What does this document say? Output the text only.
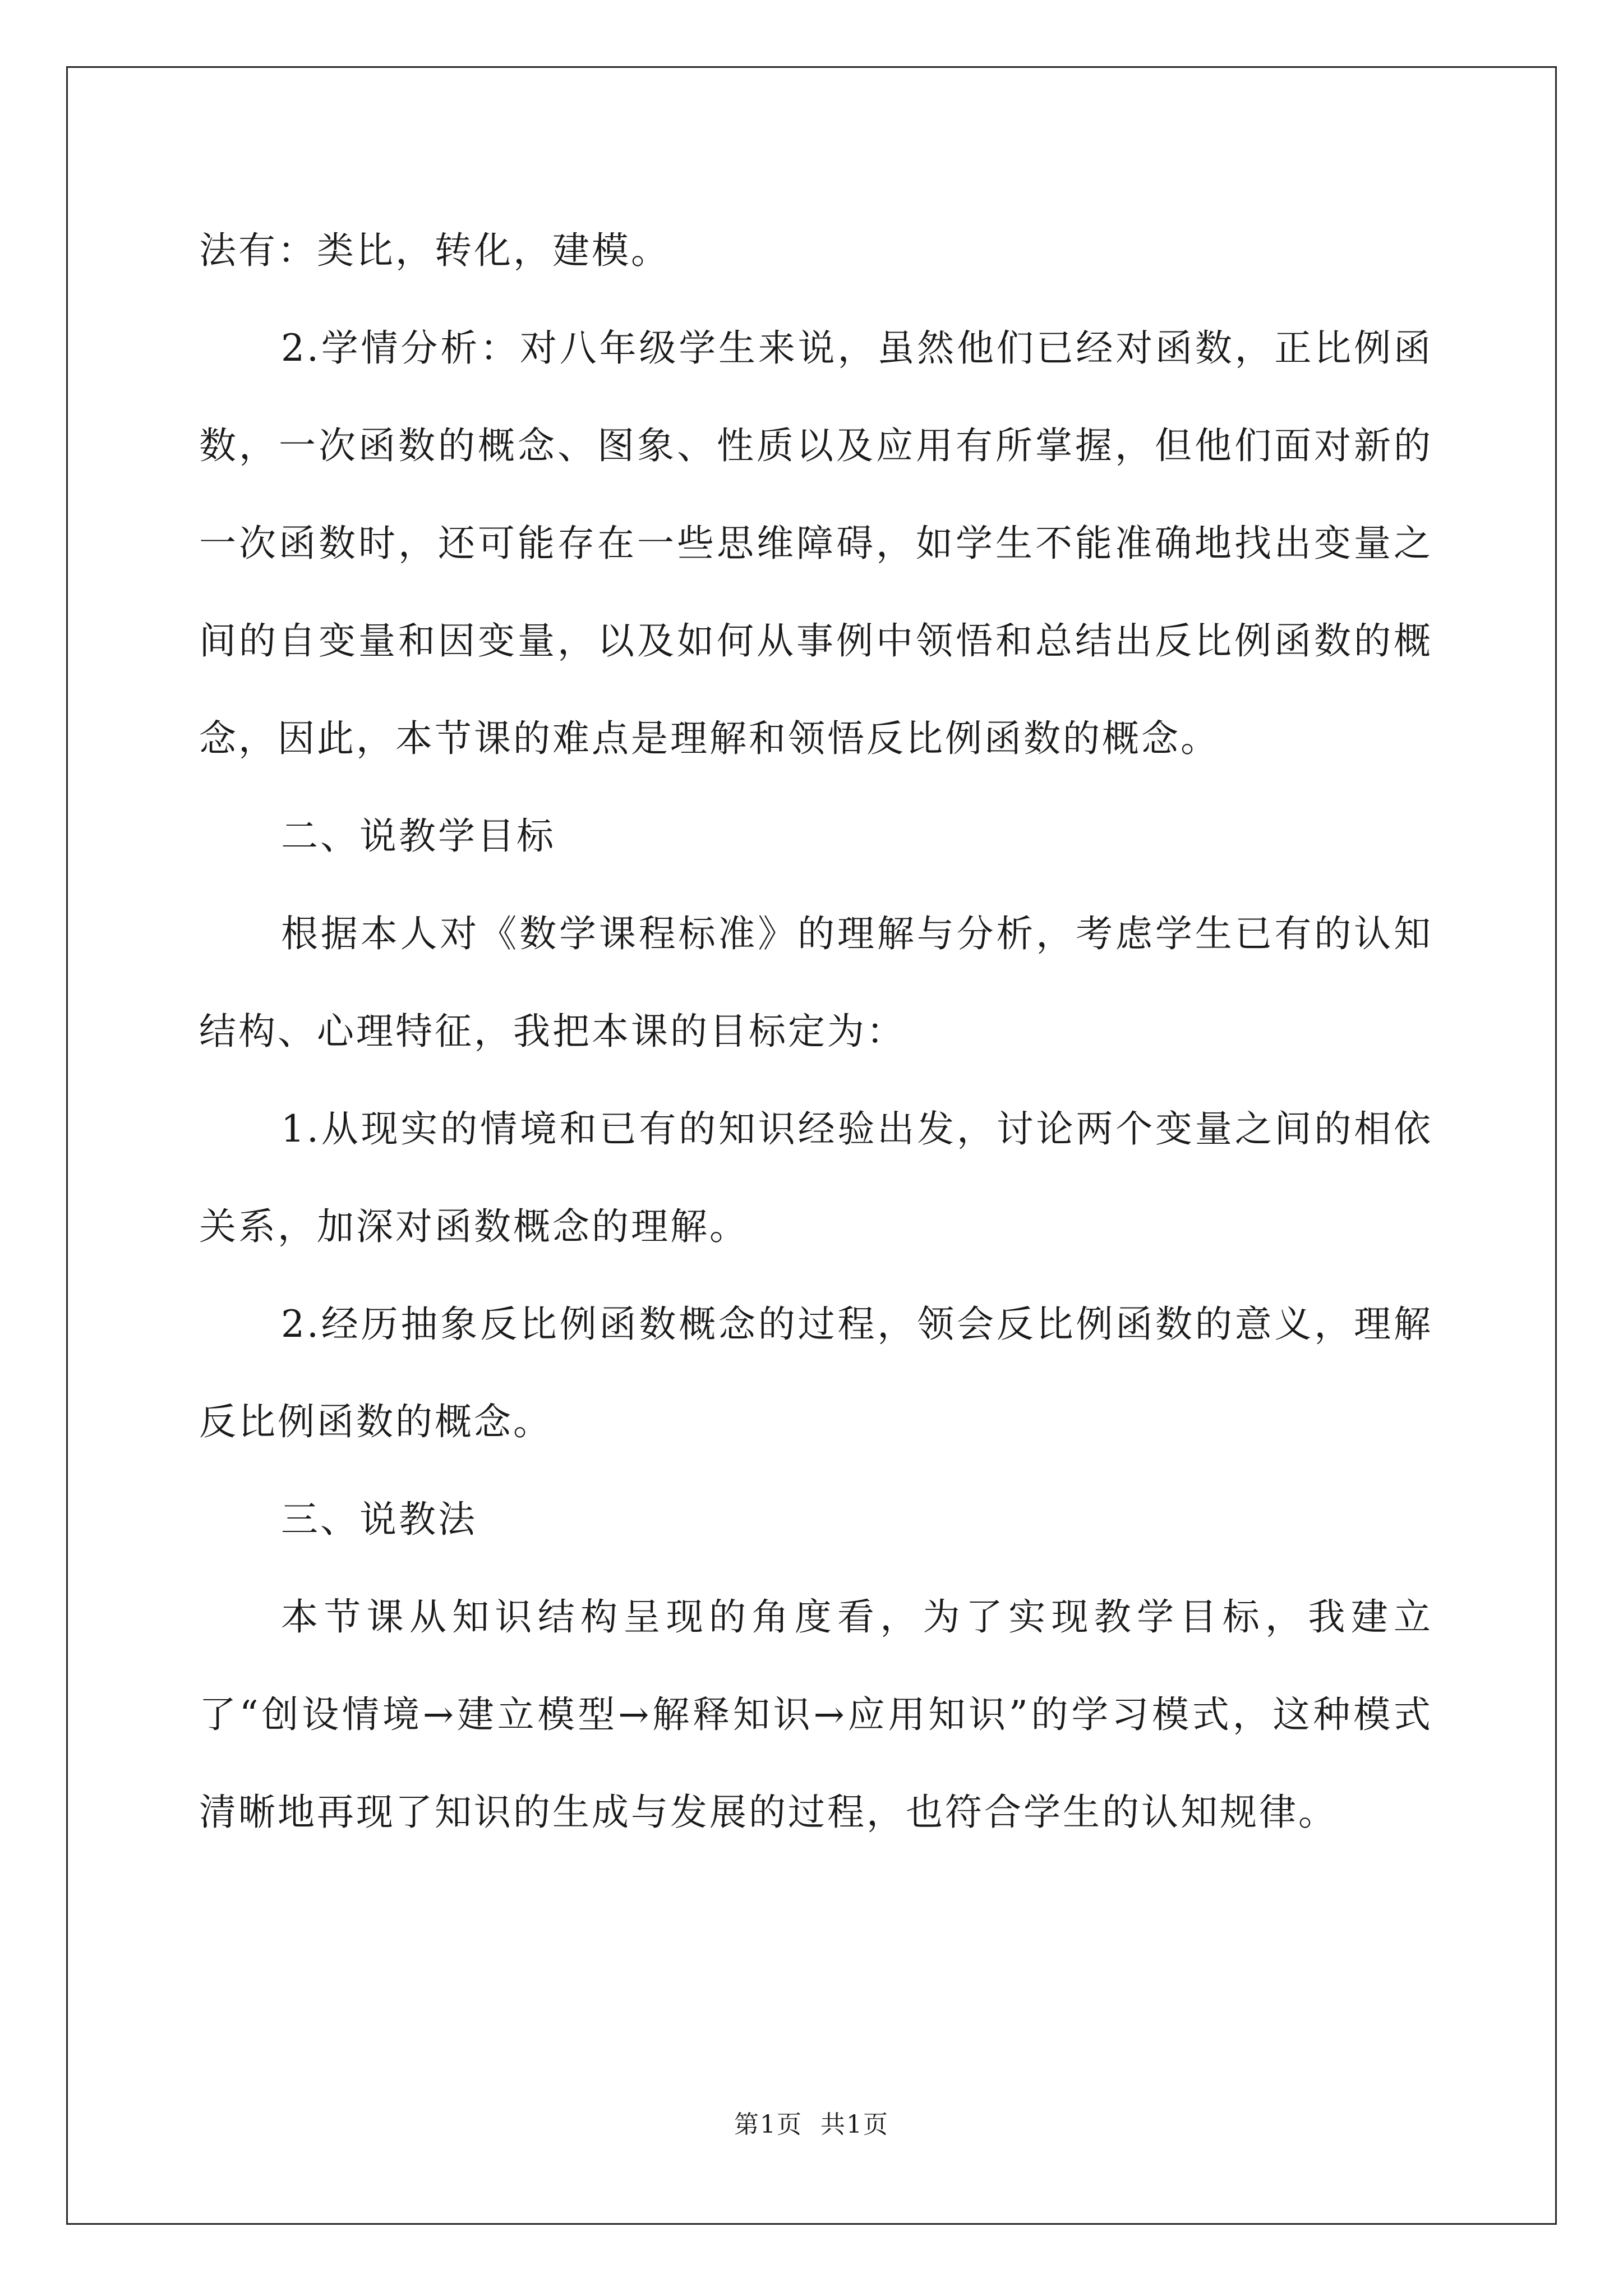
法有：类比，转化，建模。

2.学情分析：对八年级学生来说，虽然他们已经对函数，正比例函数，一次函数的概念、图象、性质以及应用有所掌握，但他们面对新的一次函数时，还可能存在一些思维障碍，如学生不能准确地找出变量之间的自变量和因变量，以及如何从事例中领悟和总结出反比例函数的概念，因此，本节课的难点是理解和领悟反比例函数的概念。

二、说教学目标

根据本人对《数学课程标准》的理解与分析，考虑学生已有的认知结构、心理特征，我把本课的目标定为：

1.从现实的情境和已有的知识经验出发，讨论两个变量之间的相依关系，加深对函数概念的理解。

2.经历抽象反比例函数概念的过程，领会反比例函数的意义，理解反比例函数的概念。

三、说教法

本节课从知识结构呈现的角度看，为了实现教学目标，我建立了“创设情境→建立模型→解释知识→应用知识”的学习模式，这种模式清晰地再现了知识的生成与发展的过程，也符合学生的认知规律。

第1页  共1页
